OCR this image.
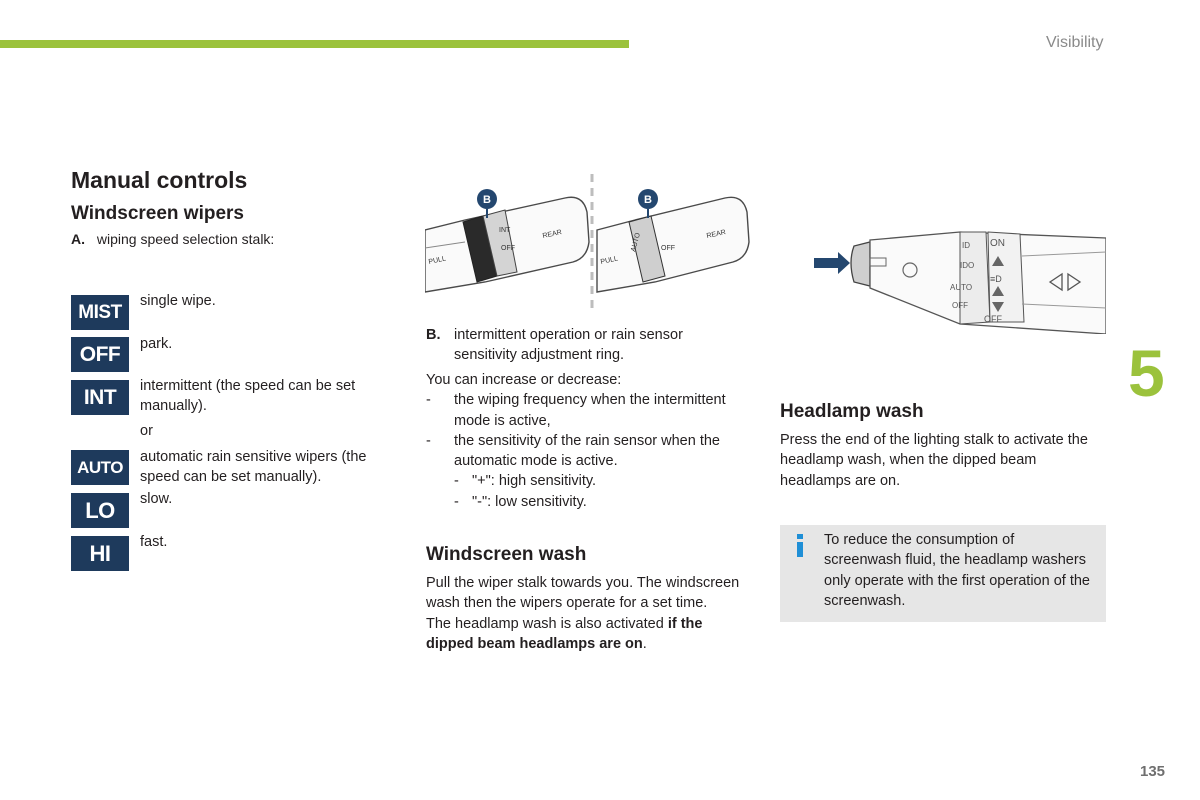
Visibility
5
135
Manual controls
Windscreen wipers
A. wiping speed selection stalk:
MIST
single wipe.
OFF	park.
INT	intermittent (the speed can be set manually).
or
AUTO
automatic rain sensitive wipers (the speed can be set manually).
LO	slow.
HI	fast.
PULL
INT
OFF
REAR
B
PULL
AUTO	OFF
REAR
B
B. intermittent operation or rain sensor sensitivity adjustment ring.
You can increase or decrease:
- the wiping frequency when the intermittent mode is active,
- the sensitivity of the rain sensor when the automatic mode is active.
- "+": high sensitivity.
- "-": low sensitivity.
Windscreen wash
Pull the wiper stalk towards you. The windscreen wash then the wipers operate for a set time.
The headlamp wash is also activated if the dipped beam headlamps are on.
ID
IDO
AUTO
OFF
ON
≡D
OFF
Headlamp wash
Press the end of the lighting stalk to activate the headlamp wash, when the dipped beam headlamps are on.
To reduce the consumption of screenwash fluid, the headlamp washers only operate with the first operation of the screenwash.
